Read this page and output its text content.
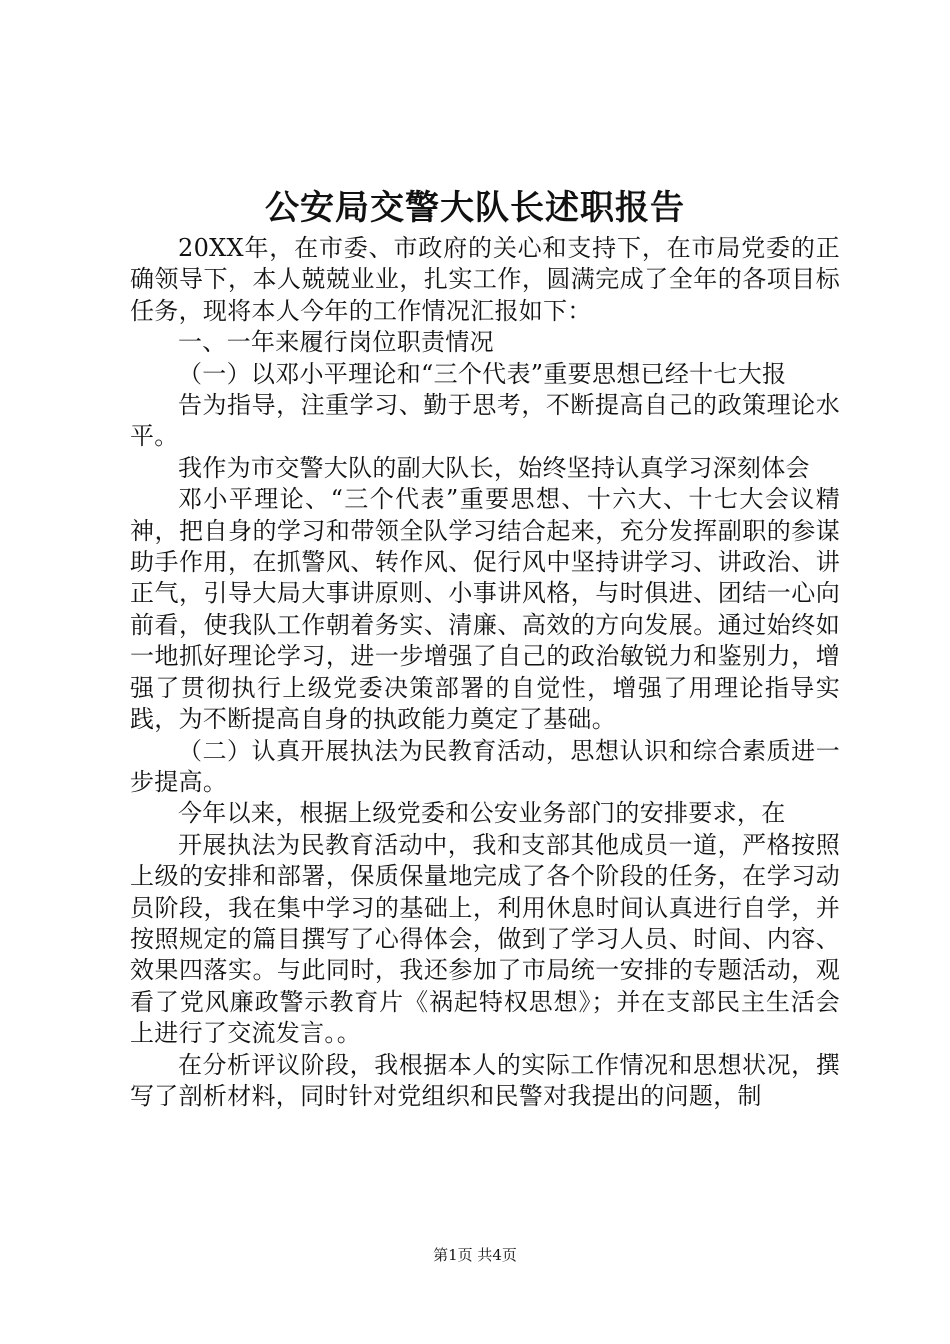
公安局交警大队长述职报告

20XX年，在市委、市政府的关心和支持下，在市局党委的正确领导下，本人兢兢业业，扎实工作，圆满完成了全年的各项目标任务，现将本人今年的工作情况汇报如下：

一、一年来履行岗位职责情况

（一）以邓小平理论和“三个代表”重要思想已经十七大报

告为指导，注重学习、勤于思考，不断提高自己的政策理论水平。

我作为市交警大队的副大队长，始终坚持认真学习深刻体会

邓小平理论、“三个代表”重要思想、十六大、十七大会议精神，把自身的学习和带领全队学习结合起来，充分发挥副职的参谋助手作用，在抓警风、转作风、促行风中坚持讲学习、讲政治、讲正气，引导大局大事讲原则、小事讲风格，与时俱进、团结一心向前看，使我队工作朝着务实、清廉、高效的方向发展。通过始终如一地抓好理论学习，进一步增强了自己的政治敏锐力和鉴别力，增强了贯彻执行上级党委决策部署的自觉性，增强了用理论指导实践，为不断提高自身的执政能力奠定了基础。

（二）认真开展执法为民教育活动，思想认识和综合素质进一步提高。

今年以来，根据上级党委和公安业务部门的安排要求，在

开展执法为民教育活动中，我和支部其他成员一道，严格按照上级的安排和部署，保质保量地完成了各个阶段的任务，在学习动员阶段，我在集中学习的基础上，利用休息时间认真进行自学，并按照规定的篇目撰写了心得体会，做到了学习人员、时间、内容、效果四落实。与此同时，我还参加了市局统一安排的专题活动，观看了党风廉政警示教育片《祸起特权思想》；并在支部民主生活会上进行了交流发言。。

在分析评议阶段，我根据本人的实际工作情况和思想状况，撰写了剖析材料，同时针对党组织和民警对我提出的问题，制

第1页 共4页
